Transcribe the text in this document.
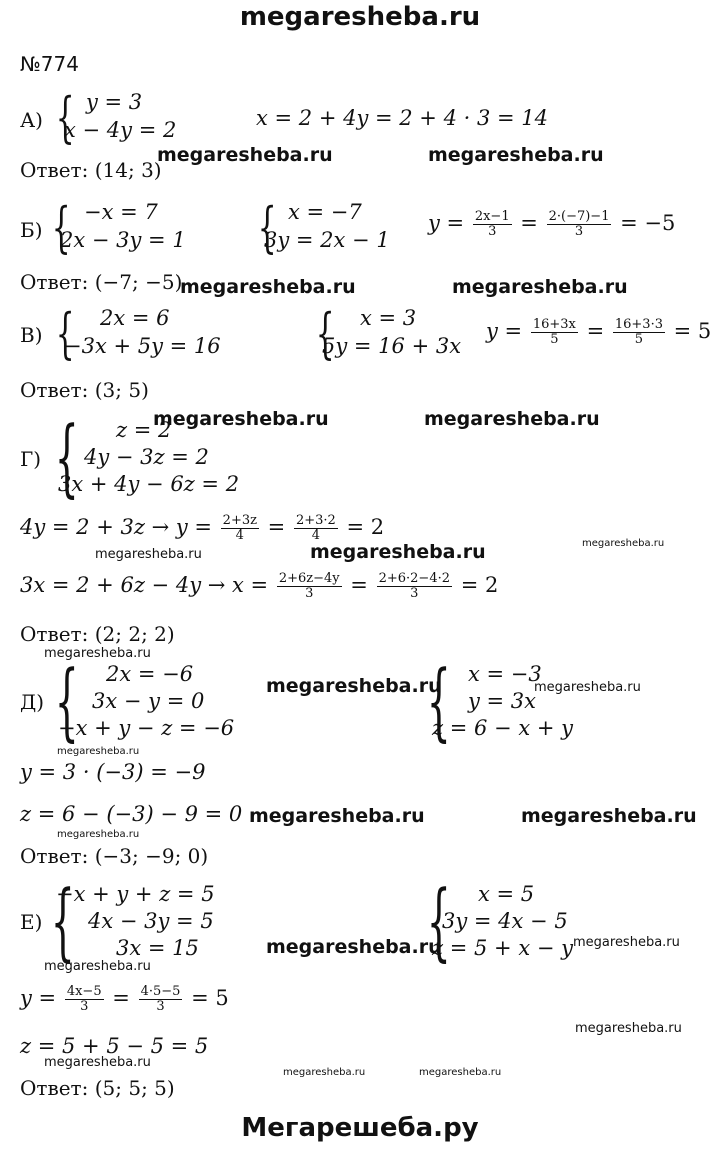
megaresheba.ru
№774
А) { y = 3
x − 4y = 2	x = 2 + 4y = 2 + 4 · 3 = 14
Ответ: (14; 3)
Б) { −x = 7
2x − 3y = 1 { x = −7
3y = 2x − 1
$y = \frac{2x-1}{3} = \frac{2\cdot(-7)-1}{3} = -5$
Ответ: (−7; −5)
В) { 2x = 6
−3x + 5y = 16 { x = 3
5y = 16 + 3x
$y = \frac{16+3x}{5} = \frac{16+3\cdot 3}{5} = 5$
Ответ: (3; 5)
Г) { z = 2
4y − 3z = 2
3x + 4y − 6z = 2
$4y = 2 + 3z \to y = \frac{2+3z}{4} = \frac{2+3\cdot 2}{4} = 2$
$3x = 2 + 6z - 4y \to x = \frac{2+6z-4y}{3} = \frac{2+6\cdot 2-4\cdot 2}{3} = 2$
Ответ: (2; 2; 2)
Д) { 2x = −6
3x − y = 0
−x + y − z = −6 { x = −3
y = 3x
z = 6 − x + y
y = 3 · (−3) = −9
z = 6 − (−3) − 9 = 0
Ответ: (−3; −9; 0)
Е) {
−x + y + z = 5
4x − 3y = 5
3x = 15	{ x = 5
3y = 4x − 5
z = 5 + x − y
$y = \frac{4x-5}{3} = \frac{4\cdot 5-5}{3} = 5$
z = 5 + 5 − 5 = 5
Ответ: (5; 5; 5)
megaresheba.ru	megaresheba.ru
megaresheba.ru	megaresheba.ru
megaresheba.ru	megaresheba.ru
megaresheba.ru
megaresheba.ru
megaresheba.ru	megaresheba.ru
megaresheba.ru
megaresheba.ru
megaresheba.ru
megaresheba.ru
megaresheba.ru
megaresheba.ru
megaresheba.ru
megaresheba.ru
megaresheba.ru
megaresheba.ru
megaresheba.ru
megaresheba.ru	megaresheba.ru
Мегарешеба.ру
